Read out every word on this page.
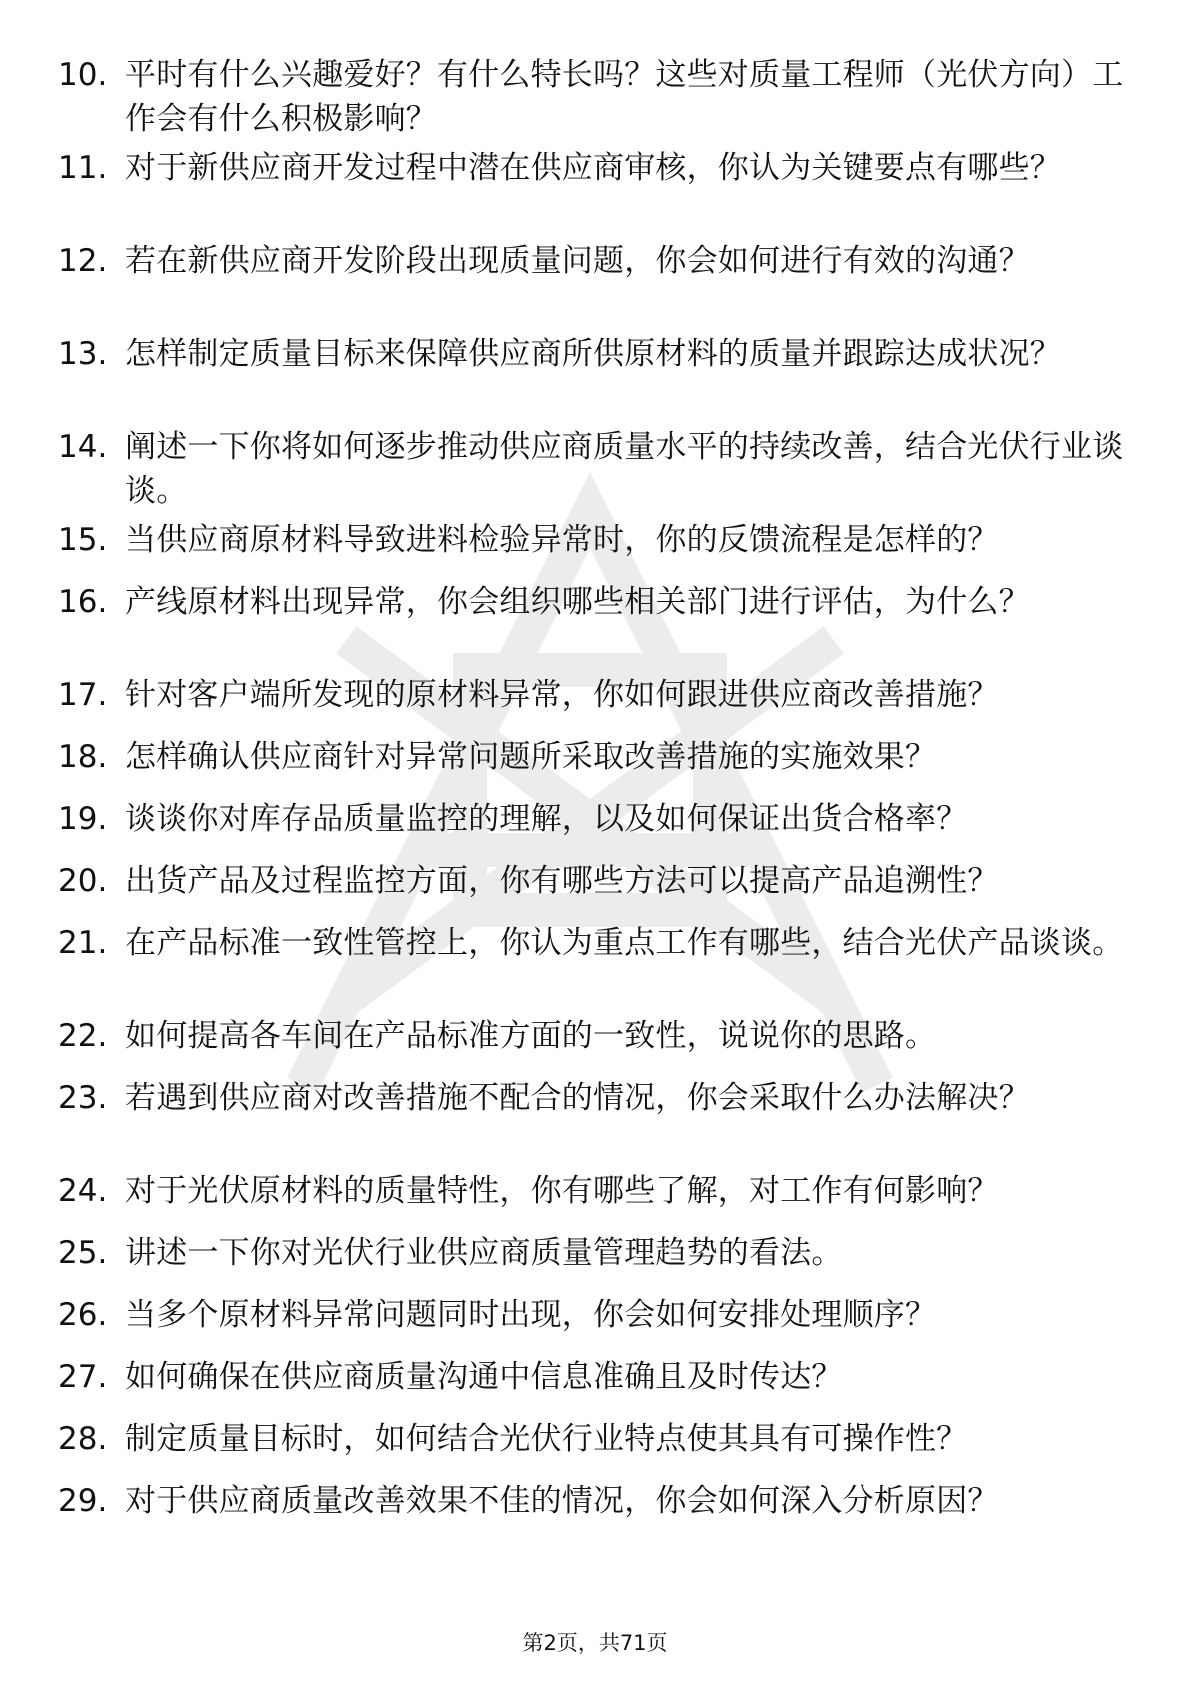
10. 平时有什么兴趣爱好？有什么特长吗？这些对质量工程师（光伏方向）工作会有什么积极影响？
11. 对于新供应商开发过程中潜在供应商审核，你认为关键要点有哪些？
12. 若在新供应商开发阶段出现质量问题，你会如何进行有效的沟通？
13. 怎样制定质量目标来保障供应商所供原材料的质量并跟踪达成状况？
14. 阐述一下你将如何逐步推动供应商质量水平的持续改善，结合光伏行业谈谈。
15. 当供应商原材料导致进料检验异常时，你的反馈流程是怎样的？
16. 产线原材料出现异常，你会组织哪些相关部门进行评估，为什么？
17. 针对客户端所发现的原材料异常，你如何跟进供应商改善措施？
18. 怎样确认供应商针对异常问题所采取改善措施的实施效果？
19. 谈谈你对库存品质量监控的理解，以及如何保证出货合格率？
20. 出货产品及过程监控方面，你有哪些方法可以提高产品追溯性？
21. 在产品标准一致性管控上，你认为重点工作有哪些，结合光伏产品谈谈。
22. 如何提高各车间在产品标准方面的一致性，说说你的思路。
23. 若遇到供应商对改善措施不配合的情况，你会采取什么办法解决？
24. 对于光伏原材料的质量特性，你有哪些了解，对工作有何影响？
25. 讲述一下你对光伏行业供应商质量管理趋势的看法。
26. 当多个原材料异常问题同时出现，你会如何安排处理顺序？
27. 如何确保在供应商质量沟通中信息准确且及时传达？
28. 制定质量目标时，如何结合光伏行业特点使其具有可操作性？
29. 对于供应商质量改善效果不佳的情况，你会如何深入分析原因？
第2页，共71页
